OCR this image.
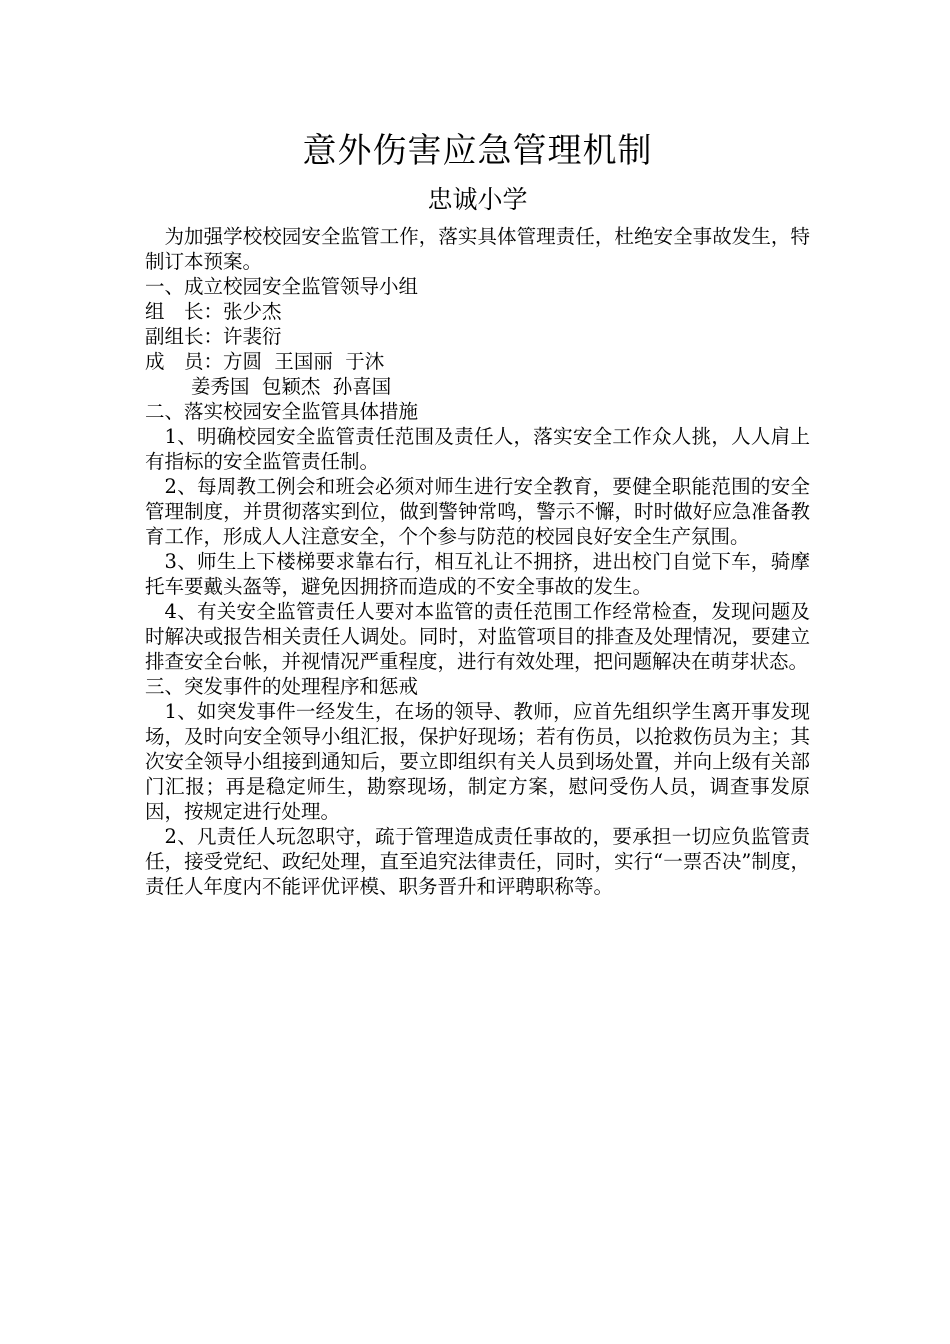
意外伤害应急管理机制
忠诚小学

为加强学校校园安全监管工作，落实具体管理责任，杜绝安全事故发生，特制订本预案。

一、成立校园安全监管领导小组

组　长：张少杰

副组长：许裴衍

成　员：方圆  王国丽  于沐

姜秀国  包颖杰  孙喜国

二、落实校园安全监管具体措施

1、明确校园安全监管责任范围及责任人，落实安全工作众人挑，人人肩上有指标的安全监管责任制。

2、每周教工例会和班会必须对师生进行安全教育，要健全职能范围的安全管理制度，并贯彻落实到位，做到警钟常鸣，警示不懈，时时做好应急准备教育工作，形成人人注意安全，个个参与防范的校园良好安全生产氛围。

3、师生上下楼梯要求靠右行，相互礼让不拥挤，进出校门自觉下车，骑摩托车要戴头盔等，避免因拥挤而造成的不安全事故的发生。

4、有关安全监管责任人要对本监管的责任范围工作经常检查，发现问题及时解决或报告相关责任人调处。同时，对监管项目的排查及处理情况，要建立排查安全台帐，并视情况严重程度，进行有效处理，把问题解决在萌芽状态。

三、突发事件的处理程序和惩戒

1、如突发事件一经发生，在场的领导、教师，应首先组织学生离开事发现场，及时向安全领导小组汇报，保护好现场；若有伤员，以抢救伤员为主；其次安全领导小组接到通知后，要立即组织有关人员到场处置，并向上级有关部门汇报；再是稳定师生，勘察现场，制定方案，慰问受伤人员，调查事发原因，按规定进行处理。

2、凡责任人玩忽职守，疏于管理造成责任事故的，要承担一切应负监管责任，接受党纪、政纪处理，直至追究法律责任，同时，实行“一票否决”制度，责任人年度内不能评优评模、职务晋升和评聘职称等。
